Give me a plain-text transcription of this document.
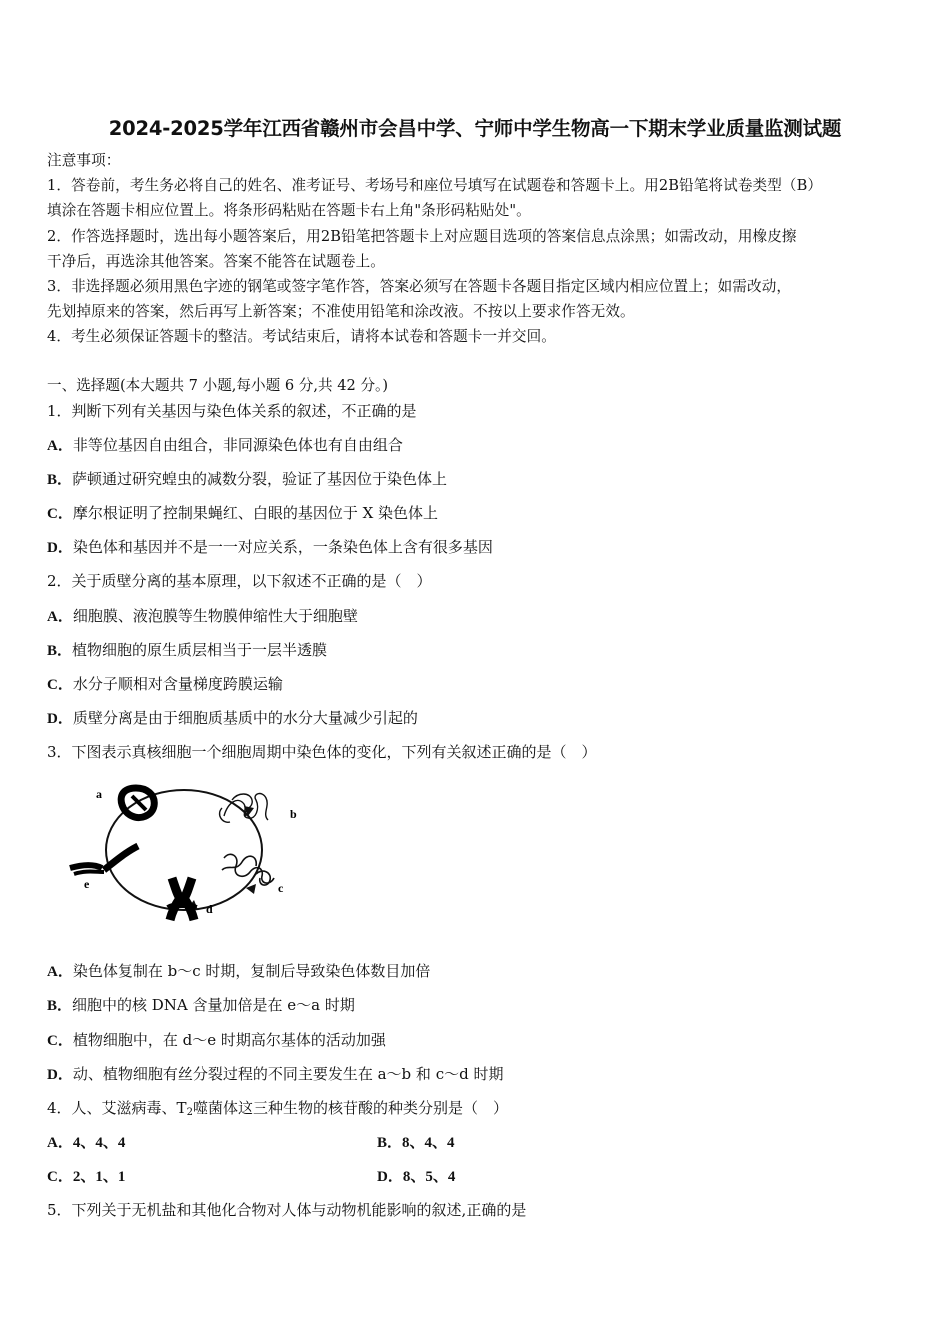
2024-2025学年江西省赣州市会昌中学、宁师中学生物高一下期末学业质量监测试题
注意事项：
1．答卷前，考生务必将自己的姓名、准考证号、考场号和座位号填写在试题卷和答题卡上。用2B铅笔将试卷类型（B）
填涂在答题卡相应位置上。将条形码粘贴在答题卡右上角"条形码粘贴处"。
2．作答选择题时，选出每小题答案后，用2B铅笔把答题卡上对应题目选项的答案信息点涂黑；如需改动，用橡皮擦
干净后，再选涂其他答案。答案不能答在试题卷上。
3．非选择题必须用黑色字迹的钢笔或签字笔作答，答案必须写在答题卡各题目指定区域内相应位置上；如需改动，
先划掉原来的答案，然后再写上新答案；不准使用铅笔和涂改液。不按以上要求作答无效。
4．考生必须保证答题卡的整洁。考试结束后，请将本试卷和答题卡一并交回。
一、选择题(本大题共 7 小题,每小题 6 分,共 42 分。)
1．判断下列有关基因与染色体关系的叙述，不正确的是
A．非等位基因自由组合，非同源染色体也有自由组合
B．萨顿通过研究蝗虫的减数分裂，验证了基因位于染色体上
C．摩尔根证明了控制果蝇红、白眼的基因位于 X 染色体上
D．染色体和基因并不是一一对应关系，一条染色体上含有很多基因
2．关于质壁分离的基本原理，以下叙述不正确的是（　）
A．细胞膜、液泡膜等生物膜伸缩性大于细胞壁
B．植物细胞的原生质层相当于一层半透膜
C．水分子顺相对含量梯度跨膜运输
D．质壁分离是由于细胞质基质中的水分大量减少引起的
3．下图表示真核细胞一个细胞周期中染色体的变化，下列有关叙述正确的是（　）
a
b
c
d
e
A．染色体复制在 b～c 时期，复制后导致染色体数目加倍
B．细胞中的核 DNA 含量加倍是在 e～a 时期
C．植物细胞中，在 d～e 时期高尔基体的活动加强
D．动、植物细胞有丝分裂过程的不同主要发生在 a～b 和 c～d 时期
4．人、艾滋病毒、$T_2$噬菌体这三种生物的核苷酸的种类分别是（　）
A．4、4、4	B．8、4、4
C．2、1、1	D．8、5、4
5．下列关于无机盐和其他化合物对人体与动物机能影响的叙述,正确的是
